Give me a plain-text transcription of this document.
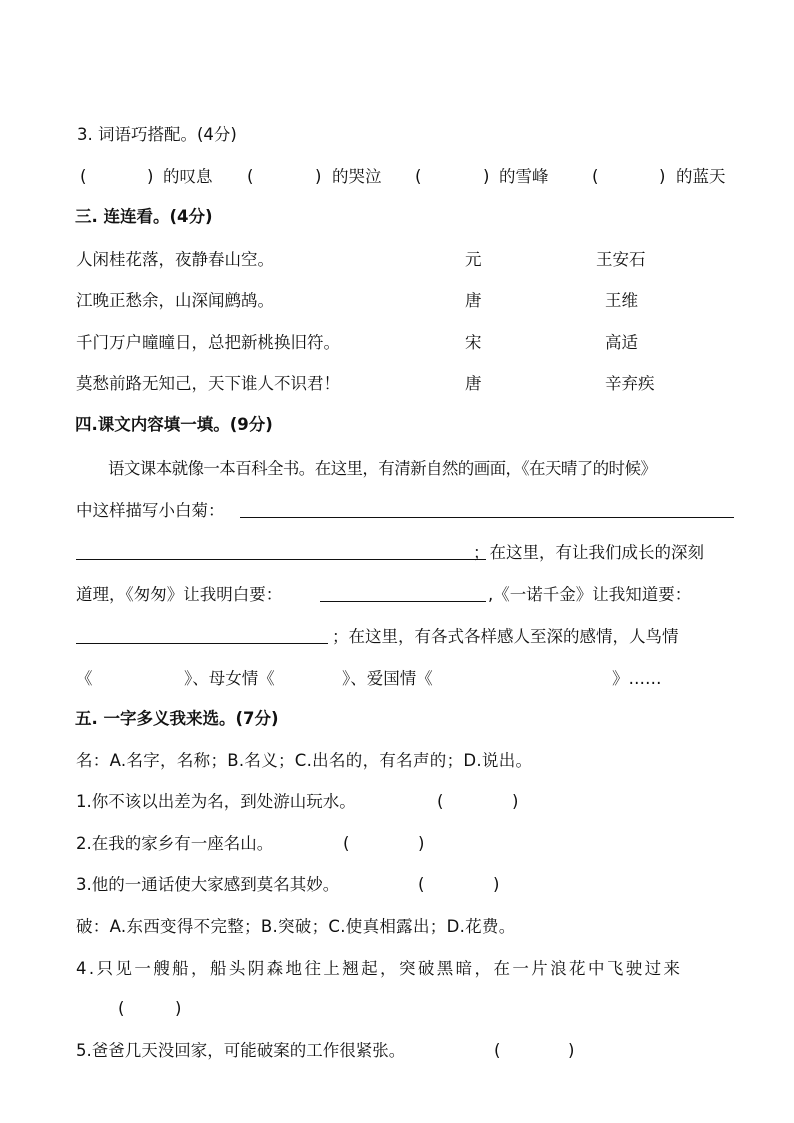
3. 词语巧搭配。(4分)
(	) 的叹息 (	) 的哭泣 (	) 的雪峰	(	) 的蓝天
三. 连连看。(4分)
人闲桂花落，夜静春山空。	元	王安石
江晚正愁余，山深闻鹧鸪。	唐	王维
千门万户曈曈日，总把新桃换旧符。	宋	高适
莫愁前路无知己，天下谁人不识君！	唐	辛弃疾
四.课文内容填一填。(9分)
语文课本就像一本百科全书。在这里，有清新自然的画面，《在天晴了的时候》
中这样描写小白菊：
；在这里，有让我们成长的深刻
道理，《匆匆》让我明白要：	,《一诺千金》让我知道要：
；在这里，有各式各样感人至深的感情，人鸟情
《	》、母女情《	》、爱国情《	》……
五. 一字多义我来选。(7分)
名：A.名字，名称；B.名义；C.出名的，有名声的；D.说出。
1.你不该以出差为名，到处游山玩水。	(	)
2.在我的家乡有一座名山。	(	)
3.他的一通话使大家感到莫名其妙。	(	)
破：A.东西变得不完整；B.突破；C.使真相露出；D.花费。
4.只见一艘船，船头阴森地往上翘起，突破黑暗，在一片浪花中飞驶过来
(	)
5.爸爸几天没回家，可能破案的工作很紧张。	(	)
